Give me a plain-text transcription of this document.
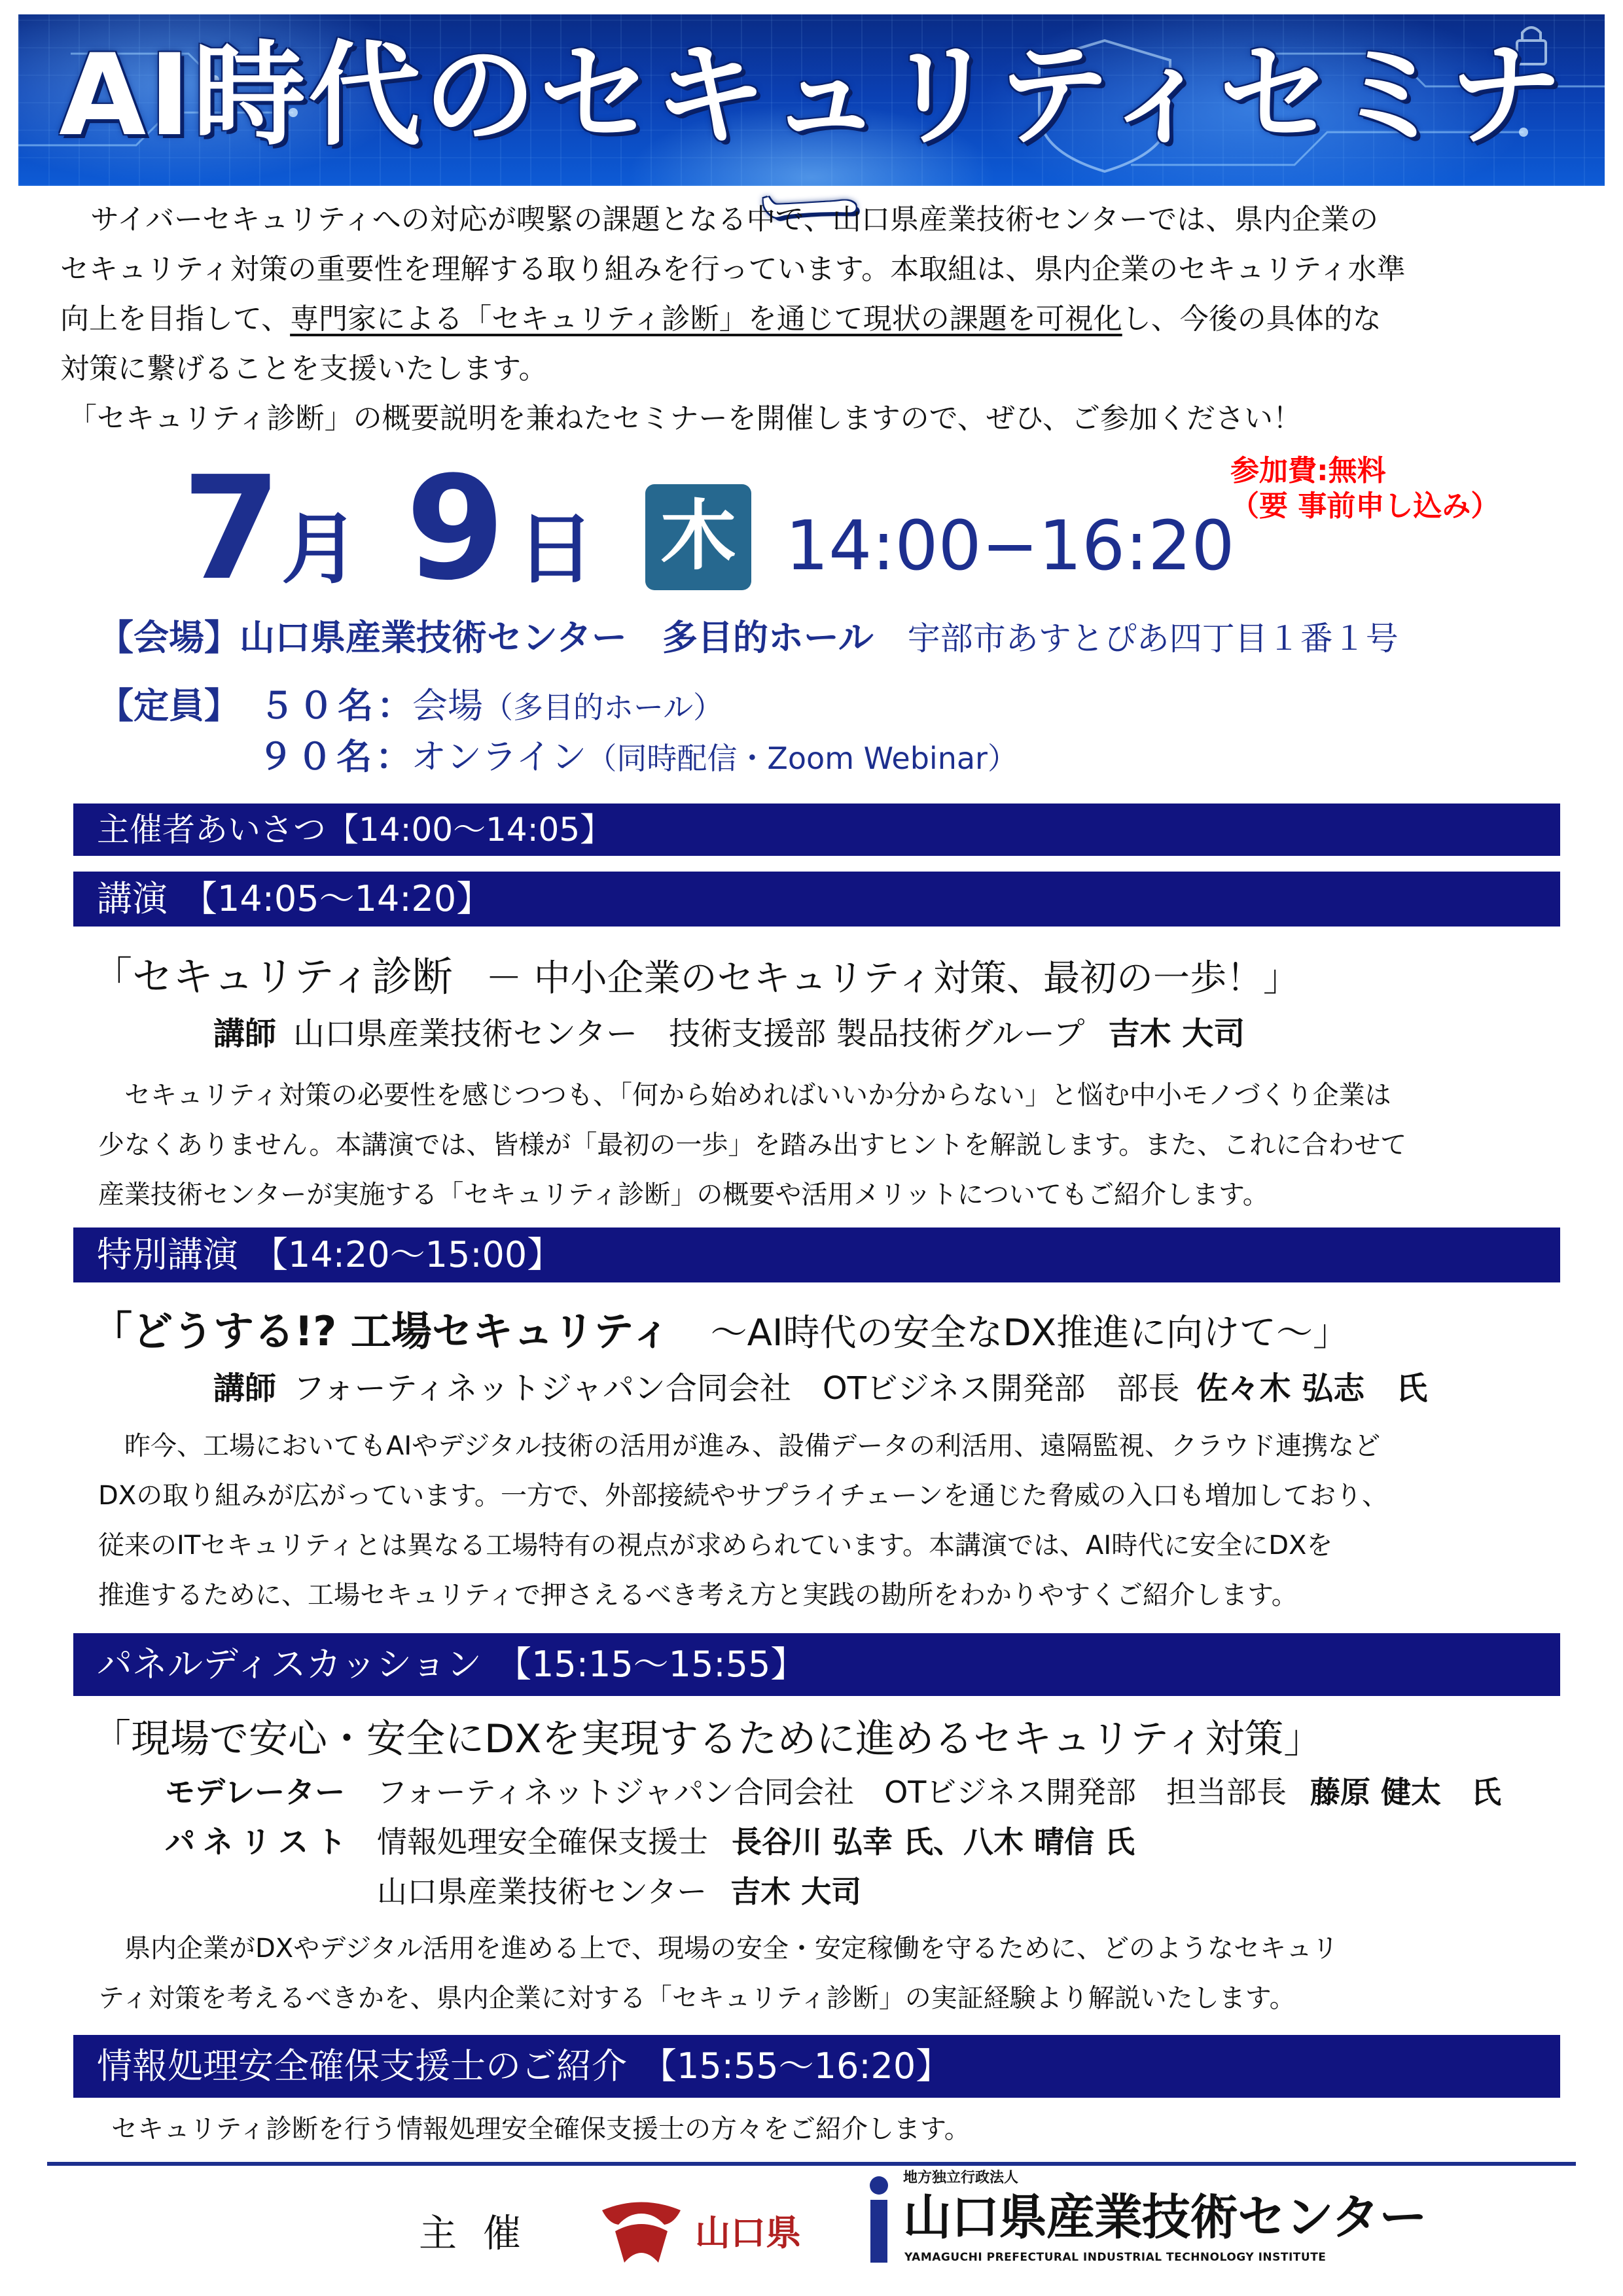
AI時代のセキュリティセミナー
サイバーセキュリティへの対応が喫緊の課題となる中で、山口県産業技術センターでは、県内企業の
セキュリティ対策の重要性を理解する取り組みを行っています。本取組は、県内企業のセキュリティ水準
向上を目指して、専門家による「セキュリティ診断」を通じて現状の課題を可視化し、今後の具体的な
対策に繋げることを支援いたします。
「セキュリティ診断」の概要説明を兼ねたセミナーを開催しますので、ぜひ、ご参加ください！
7 月 9 日 木 14:00−16:20
参加費:無料
（要 事前申し込み）
【会場】山口県産業技術センター　多目的ホール 宇部市あすとぴあ四丁目１番１号
【定員】 ５０名：会場（多目的ホール）
９０名：オンライン（同時配信・Zoom Webinar）
主催者あいさつ【14:00～14:05】
講演 【14:05～14:20】
「セキュリティ診断 － 中小企業のセキュリティ対策、最初の一歩！」
講師 山口県産業技術センター　技術支援部 製品技術グループ 吉木 大司
セキュリティ対策の必要性を感じつつも、「何から始めればいいか分からない」と悩む中小モノづくり企業は
少なくありません。本講演では、皆様が「最初の一歩」を踏み出すヒントを解説します。また、これに合わせて
産業技術センターが実施する「セキュリティ診断」の概要や活用メリットについてもご紹介します。
特別講演 【14:20～15:00】
「どうする!? 工場セキュリティ ～AI時代の安全なDX推進に向けて～」
講師 フォーティネットジャパン合同会社　OTビジネス開発部　部長 佐々木 弘志　氏
昨今、工場においてもAIやデジタル技術の活用が進み、設備データの利活用、遠隔監視、クラウド連携など
DXの取り組みが広がっています。一方で、外部接続やサプライチェーンを通じた脅威の入口も増加しており、
従来のITセキュリティとは異なる工場特有の視点が求められています。本講演では、AI時代に安全にDXを
推進するために、工場セキュリティで押さえるべき考え方と実践の勘所をわかりやすくご紹介します。
パネルディスカッション 【15:15～15:55】
「現場で安心・安全にDXを実現するために進めるセキュリティ対策」
モデレーター フォーティネットジャパン合同会社　OTビジネス開発部　担当部長 藤原 健太　氏
パネリスト 情報処理安全確保支援士 長谷川 弘幸 氏、八木 晴信 氏
山口県産業技術センター 吉木 大司
県内企業がDXやデジタル活用を進める上で、現場の安全・安定稼働を守るために、どのようなセキュリ
ティ対策を考えるべきかを、県内企業に対する「セキュリティ診断」の実証経験より解説いたします。
情報処理安全確保支援士のご紹介 【15:55～16:20】
セキュリティ診断を行う情報処理安全確保支援士の方々をご紹介します。
主催	山口県
地方独立行政法人
山口県産業技術センター
YAMAGUCHI PREFECTURAL INDUSTRIAL TECHNOLOGY INSTITUTE
